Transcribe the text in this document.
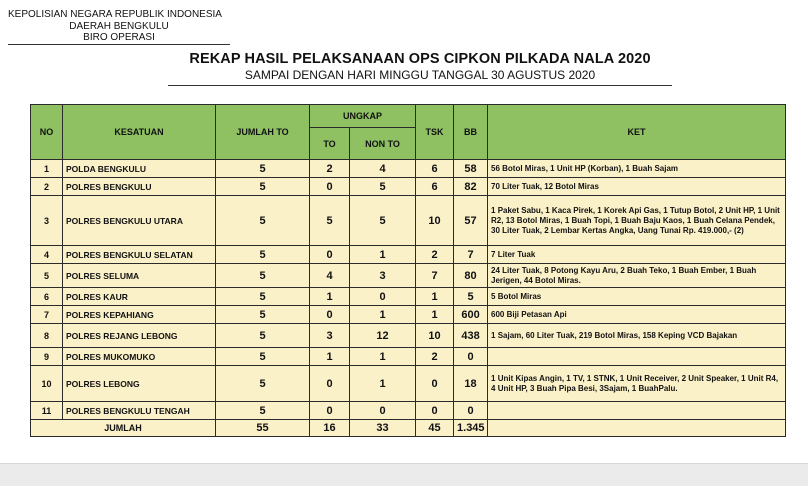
KEPOLISIAN NEGARA REPUBLIK INDONESIA
DAERAH BENGKULU
BIRO OPERASI
REKAP HASIL PELAKSANAAN OPS CIPKON PILKADA NALA 2020
SAMPAI DENGAN HARI MINGGU TANGGAL 30 AGUSTUS 2020
NO	KESATUAN	JUMLAH TO	UNGKAP		TSK	BB	KET
			TO	NON TO			
1	POLDA BENGKULU	5	2	4	6	58	56 Botol Miras, 1 Unit HP (Korban), 1 Buah Sajam
2	POLRES BENGKULU	5	0	5	6	82	70 Liter Tuak, 12 Botol Miras
3	POLRES BENGKULU UTARA	5	5	5	10	57	1 Paket Sabu, 1 Kaca Pirek, 1 Korek Api Gas, 1 Tutup Botol, 2 Unit HP, 1 Unit R2, 13 Botol Miras, 1 Buah Topi, 1 Buah Baju Kaos, 1 Buah Celana Pendek, 30 Liter Tuak, 2 Lembar Kertas Angka, Uang Tunai Rp. 419.000,- (2)
4	POLRES BENGKULU SELATAN	5	0	1	2	7	7 Liter Tuak
5	POLRES SELUMA	5	4	3	7	80	24 Liter Tuak, 8 Potong Kayu Aru, 2 Buah Teko, 1 Buah Ember, 1 Buah Jerigen, 44 Botol Miras.
6	POLRES KAUR	5	1	0	1	5	5 Botol Miras
7	POLRES KEPAHIANG	5	0	1	1	600	600 Biji Petasan Api
8	POLRES REJANG LEBONG	5	3	12	10	438	1 Sajam, 60 Liter Tuak, 219 Botol Miras, 158 Keping VCD Bajakan
9	POLRES MUKOMUKO	5	1	1	2	0	
10	POLRES LEBONG	5	0	1	0	18	1 Unit Kipas Angin, 1 TV, 1 STNK, 1 Unit Receiver, 2 Unit Speaker, 1 Unit R4, 4 Unit HP, 3 Buah Pipa Besi, 3Sajam, 1 BuahPalu.
11	POLRES BENGKULU TENGAH	5	0	0	0	0	
JUMLAH		55	16	33	45	1.345	
